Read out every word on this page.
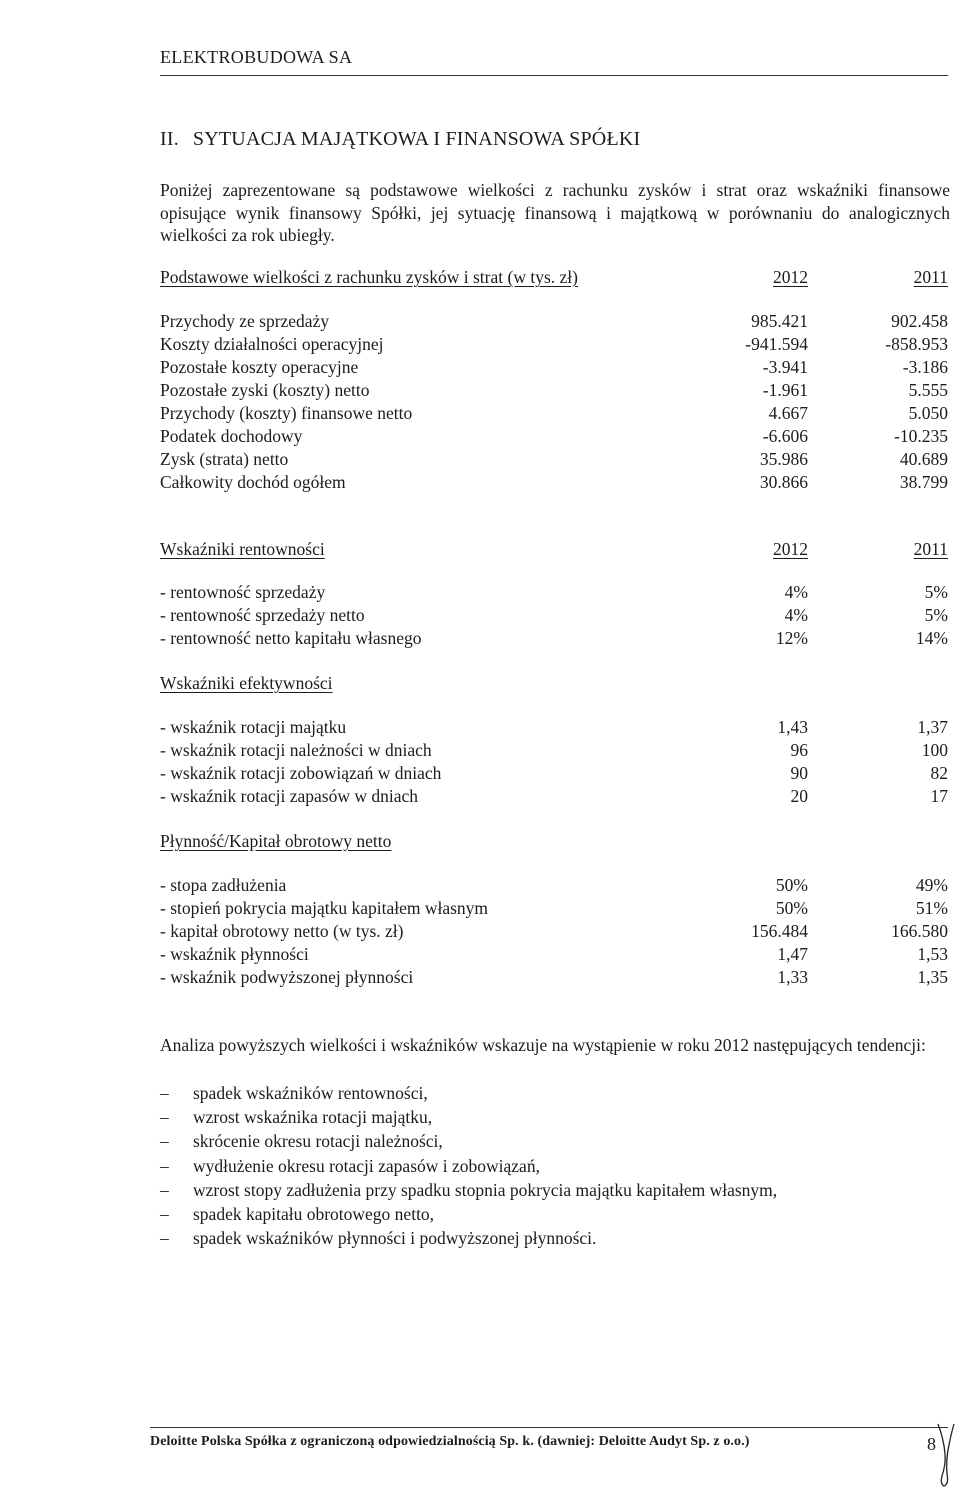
ELEKTROBUDOWA SA
II. SYTUACJA MAJĄTKOWA I FINANSOWA SPÓŁKI
Poniżej zaprezentowane są podstawowe wielkości z rachunku zysków i strat oraz wskaźniki finansowe opisujące wynik finansowy Spółki, jej sytuację finansową i majątkową w porównaniu do analogicznych wielkości za rok ubiegły.
Podstawowe wielkości z rachunku zysków i strat (w tys. zł)	2012	2011
Przychody ze sprzedaży	985.421	902.458
Koszty działalności operacyjnej	-941.594	-858.953
Pozostałe koszty operacyjne	-3.941	-3.186
Pozostałe zyski (koszty) netto	-1.961	5.555
Przychody (koszty) finansowe netto	4.667	5.050
Podatek dochodowy	-6.606	-10.235
Zysk (strata) netto	35.986	40.689
Całkowity dochód ogółem	30.866	38.799
Wskaźniki rentowności	2012	2011
- rentowność sprzedaży	4%	5%
- rentowność sprzedaży netto	4%	5%
- rentowność netto kapitału własnego	12%	14%
Wskaźniki efektywności
- wskaźnik rotacji majątku	1,43	1,37
- wskaźnik rotacji należności w dniach	96	100
- wskaźnik rotacji zobowiązań w dniach	90	82
- wskaźnik rotacji zapasów w dniach	20	17
Płynność/Kapitał obrotowy netto
- stopa zadłużenia	50%	49%
- stopień pokrycia majątku kapitałem własnym	50%	51%
- kapitał obrotowy netto (w tys. zł)	156.484	166.580
- wskaźnik płynności	1,47	1,53
- wskaźnik podwyższonej płynności	1,33	1,35
Analiza powyższych wielkości i wskaźników wskazuje na wystąpienie w roku 2012 następujących tendencji:
– spadek wskaźników rentowności,
– wzrost wskaźnika rotacji majątku,
– skrócenie okresu rotacji należności,
– wydłużenie okresu rotacji zapasów i zobowiązań,
– wzrost stopy zadłużenia przy spadku stopnia pokrycia majątku kapitałem własnym,
– spadek kapitału obrotowego netto,
– spadek wskaźników płynności i podwyższonej płynności.
Deloitte Polska Spółka z ograniczoną odpowiedzialnością Sp. k. (dawniej: Deloitte Audyt Sp. z o.o.)	8
